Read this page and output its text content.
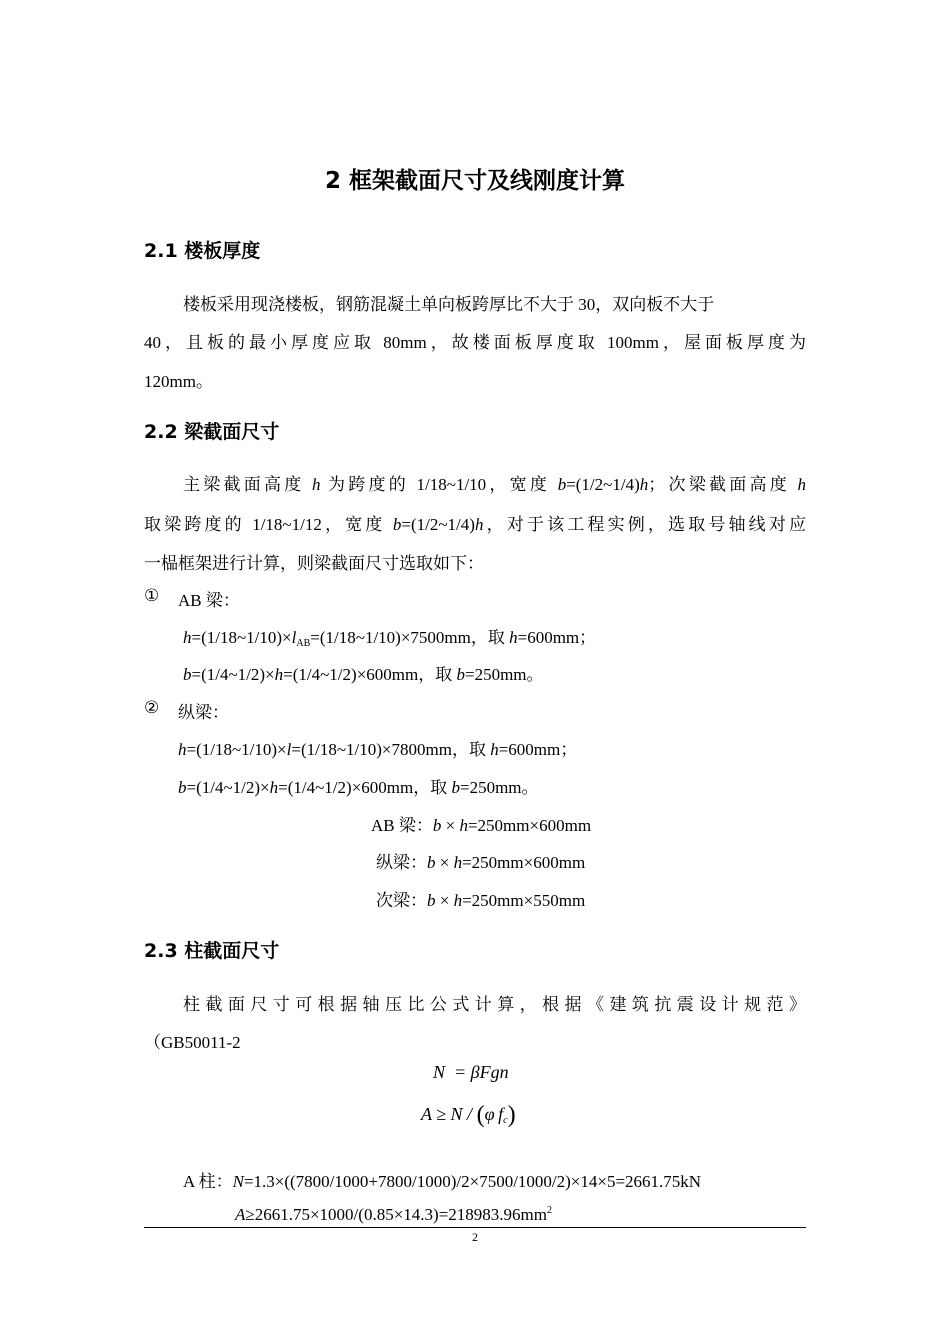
2 框架截面尺寸及线刚度计算
2.1 楼板厚度
楼板采用现浇楼板，钢筋混凝土单向板跨厚比不大于 30，双向板不大于
40，且板的最小厚度应取 80mm，故楼面板厚度取 100mm，屋面板厚度为
120mm。
2.2 梁截面尺寸
主梁截面高度 h 为跨度的 1/18~1/10，宽度 b=(1/2~1/4)h；次梁截面高度 h
取梁跨度的 1/18~1/12，宽度 b=(1/2~1/4)h，对于该工程实例，选取号轴线对应
一榀框架进行计算，则梁截面尺寸选取如下：
① AB 梁：
$h=(1/18\sim 1/10)\times l_{AB}=(1/18\sim 1/10)\times 7500mm$，取 h=600mm；
b=(1/4~1/2)×h=(1/4~1/2)×600mm，取 b=250mm。
② 纵梁：
h=(1/18~1/10)×l=(1/18~1/10)×7800mm，取 h=600mm；
b=(1/4~1/2)×h=(1/4~1/2)×600mm，取 b=250mm。
AB 梁：b × h=250mm×600mm
纵梁：b × h=250mm×600mm
次梁：b × h=250mm×550mm
2.3 柱截面尺寸
柱截面尺寸可根据轴压比公式计算，根据《建筑抗震设计规范》
（GB50011-2
N  = βFgn
A ≥ N / (φ $f_c$)
A 柱：N=1.3×((7800/1000+7800/1000)/2×7500/1000/2)×14×5=2661.75kN
$A\ge 2661.75\times 1000/(0.85\times 14.3)=218983.96mm^2$
2
